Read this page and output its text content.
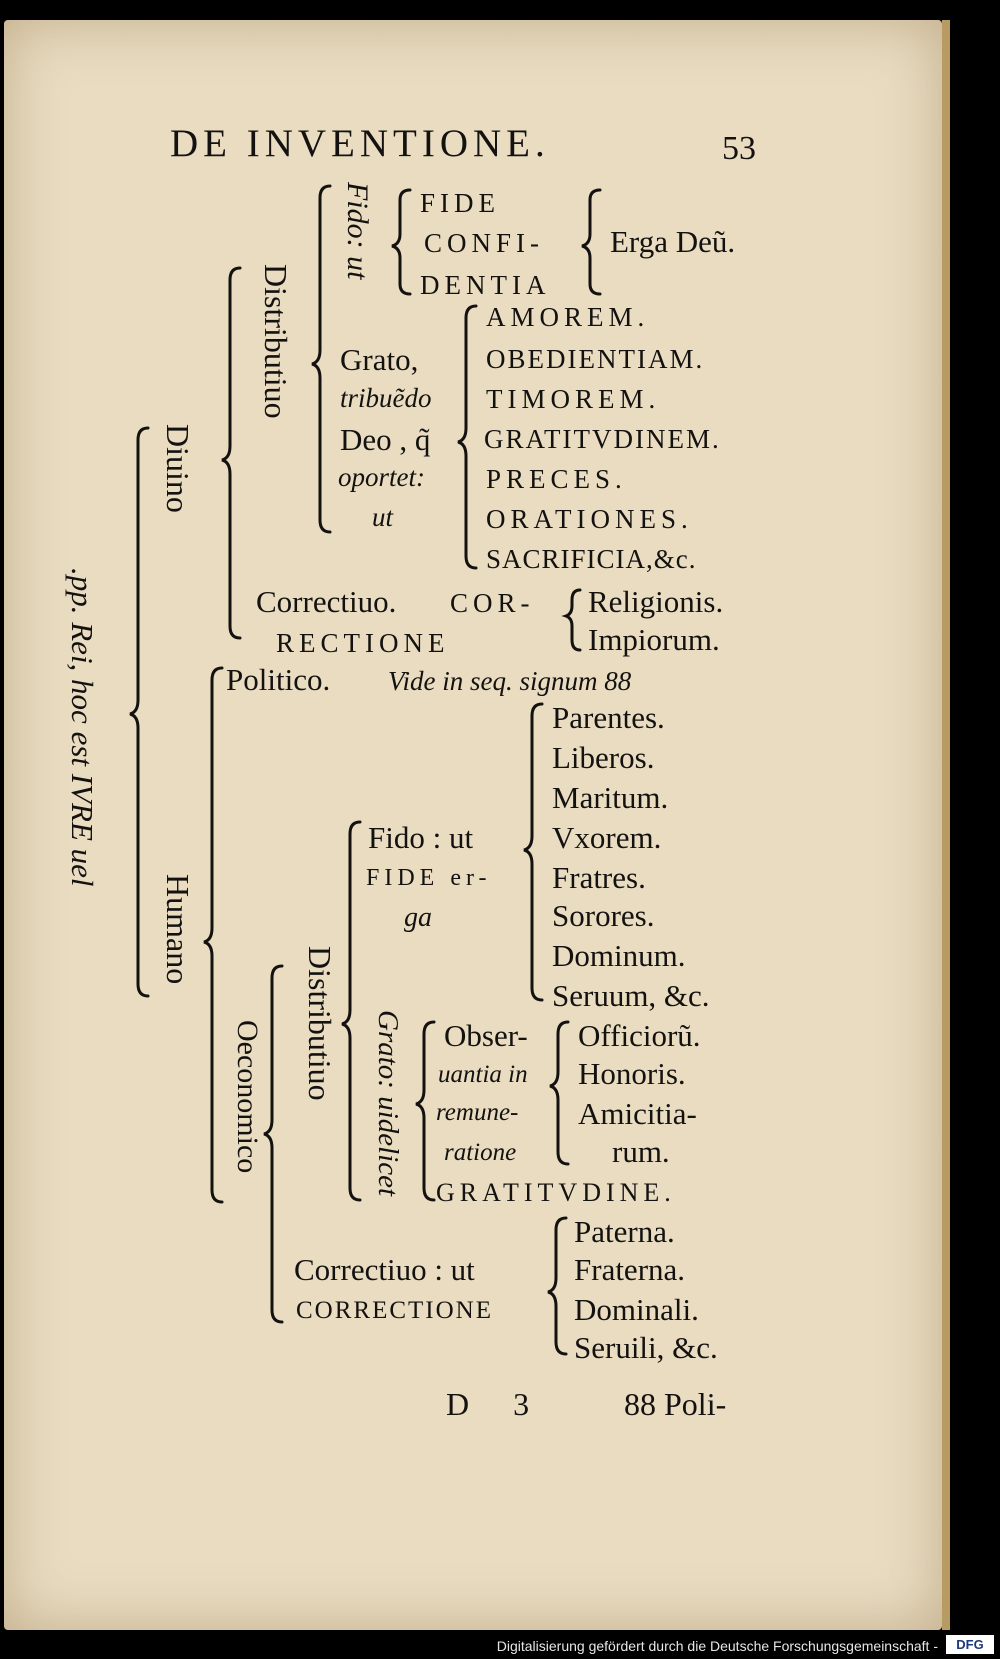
DE INVENTIONE.	53
.pp. Rei, hoc est IVRE uel
Diuino
Humano
Distributiuo
Fido: ut FIDE
CONFI-
DENTIA
Erga Deũ.
Grato,
tribuẽdo
Deo , q̃
oportet:
ut
AMOREM.
OBEDIENTIAM.
TIMOREM.
GRATITVDINEM.
PRECES.
ORATIONES.
SACRIFICIA,&c.
Correctiuo. COR-
RECTIONE
Religionis.
Impiorum.
Politico. Vide in seq. signum 88
Oeconomico Distributiuo
Fido : ut
FIDE er-
ga
Parentes.
Liberos.
Maritum.
Vxorem.
Fratres.
Sorores.
Dominum.
Seruum, &c.
Grato: uidelicet Obser-
uantia in
remune-
ratione
Officiorũ.
Honoris.
Amicitia-
rum.
GRATITVDINE.
Correctiuo : ut
CORRECTIONE
Paterna.
Fraterna.
Dominali.
Seruili, &c.
D 3 88 Poli-
Digitalisierung gefördert durch die Deutsche Forschungsgemeinschaft -	DFG
